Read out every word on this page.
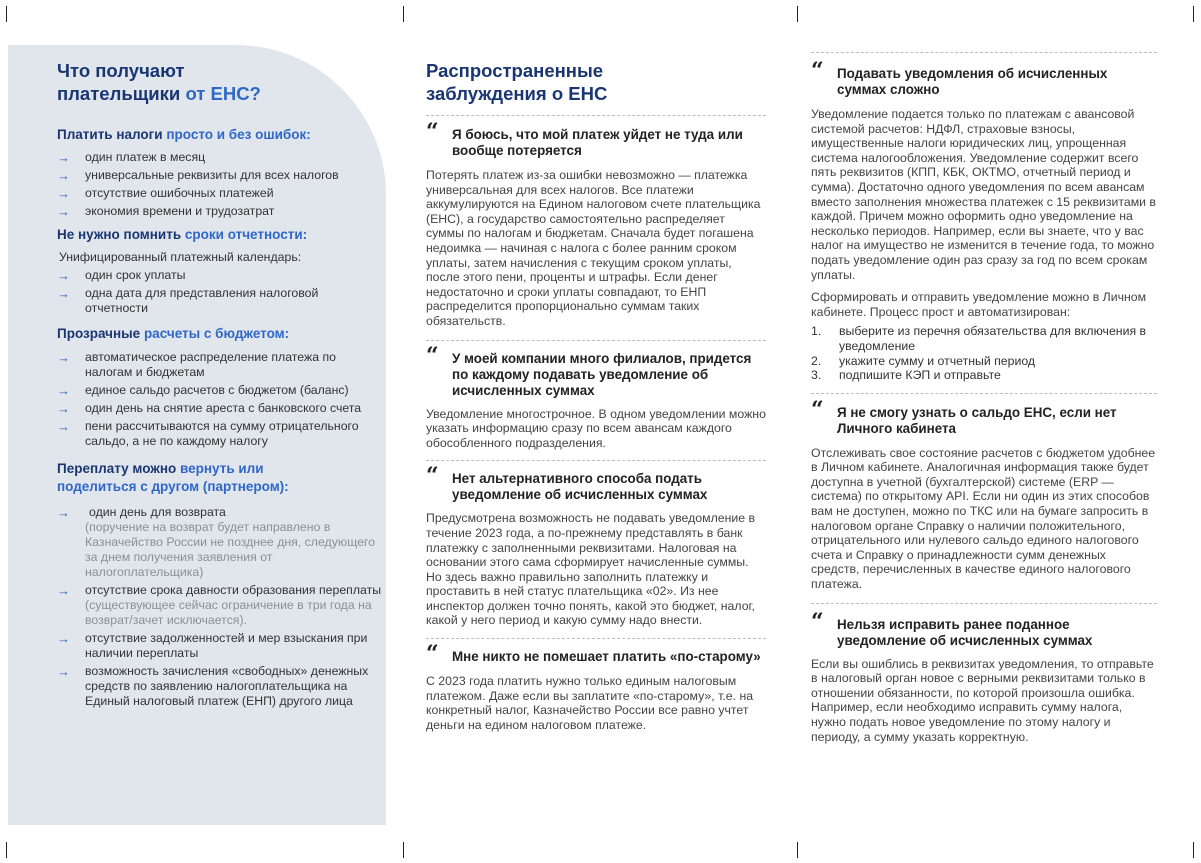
Что получают
плательщики от ЕНС?

Платить налоги просто и без ошибок:

→ один платеж в месяц
→ универсальные реквизиты для всех налогов
→ отсутствие ошибочных платежей
→ экономия времени и трудозатрат

Не нужно помнить сроки отчетности:

Унифицированный платежный календарь:
→ один срок уплаты
→ одна дата для представления налоговой отчетности

Прозрачные расчеты с бюджетом:

→ автоматическое распределение платежа по налогам и бюджетам
→ единое сальдо расчетов с бюджетом (баланс)
→ один день на снятие ареста с банковского счета
→ пени рассчитываются на сумму отрицательного сальдо, а не по каждому налогу

Переплату можно вернуть или
поделиться с другом (партнером):

→ один день для возврата
(поручение на возврат будет направлено в Казначейство России не позднее дня, следующего за днем получения заявления от налогоплательщика)
→ отсутствие срока давности образования переплаты
(существующее сейчас ограничение в три года на возврат/зачет исключается).
→ отсутствие задолженностей и мер взыскания при наличии переплаты
→ возможность зачисления «свободных» денежных средств по заявлению налогоплательщика на Единый налоговый платеж (ЕНП) другого лица
Распространенные
заблуждения о ЕНС
“ Я боюсь, что мой платеж уйдет не туда или вообще потеряется

Потерять платеж из-за ошибки невозможно — платежка универсальная для всех налогов. Все платежи аккумулируются на Едином налоговом счете плательщика (ЕНС), а государство самостоятельно распределяет суммы по налогам и бюджетам. Сначала будет погашена недоимка — начиная с налога с более ранним сроком уплаты, затем начисления с текущим сроком уплаты, после этого пени, проценты и штрафы. Если денег недостаточно и сроки уплаты совпадают, то ЕНП распределится пропорционально суммам таких обязательств.

“ У моей компании много филиалов, придется по каждому подавать уведомление об исчисленных суммах

Уведомление многострочное. В одном уведомлении можно указать информацию сразу по всем авансам каждого обособленного подразделения.

“ Нет альтернативного способа подать уведомление об исчисленных суммах

Предусмотрена возможность не подавать уведомление в течение 2023 года, а по-прежнему представлять в банк платежку с заполненными реквизитами. Налоговая на основании этого сама сформирует начисленные суммы. Но здесь важно правильно заполнить платежку и проставить в ней статус плательщика «02». Из нее инспектор должен точно понять, какой это бюджет, налог, какой у него период и какую сумму надо внести.

“ Мне никто не помешает платить «по-старому»

С 2023 года платить нужно только единым налоговым платежом. Даже если вы заплатите «по-старому», т.е. на конкретный налог, Казначейство России все равно учтет деньги на едином налоговом платеже.

“ Подавать уведомления об исчисленных суммах сложно

Уведомление подается только по платежам с авансовой системой расчетов: НДФЛ, страховые взносы, имущественные налоги юридических лиц, упрощенная система налогообложения. Уведомление содержит всего пять реквизитов (КПП, КБК, ОКТМО, отчетный период и сумма). Достаточно одного уведомления по всем авансам вместо заполнения множества платежек с 15 реквизитами в каждой. Причем можно оформить одно уведомление на несколько периодов. Например, если вы знаете, что у вас налог на имущество не изменится в течение года, то можно подать уведомление один раз сразу за год по всем срокам уплаты.

Сформировать и отправить уведомление можно в Личном кабинете. Процесс прост и автоматизирован:

1. выберите из перечня обязательства для включения в уведомление
2. укажите сумму и отчетный период
3. подпишите КЭП и отправьте
“ Я не смогу узнать о сальдо ЕНС, если нет Личного кабинета

Отслеживать свое состояние расчетов с бюджетом удобнее в Личном кабинете. Аналогичная информация также будет доступна в учетной (бухгалтерской) системе (ERP — система) по открытому API. Если ни один из этих способов вам не доступен, можно по ТКС или на бумаге запросить в налоговом органе Справку о наличии положительного, отрицательного или нулевого сальдо единого налогового счета и Справку о принадлежности сумм денежных средств, перечисленных в качестве единого налогового платежа.

“ Нельзя исправить ранее поданное уведомление об исчисленных суммах

Если вы ошиблись в реквизитах уведомления, то отправьте в налоговый орган новое с верными реквизитами только в отношении обязанности, по которой произошла ошибка. Например, если необходимо исправить сумму налога, нужно подать новое уведомление по этому налогу и периоду, а сумму указать корректную.
